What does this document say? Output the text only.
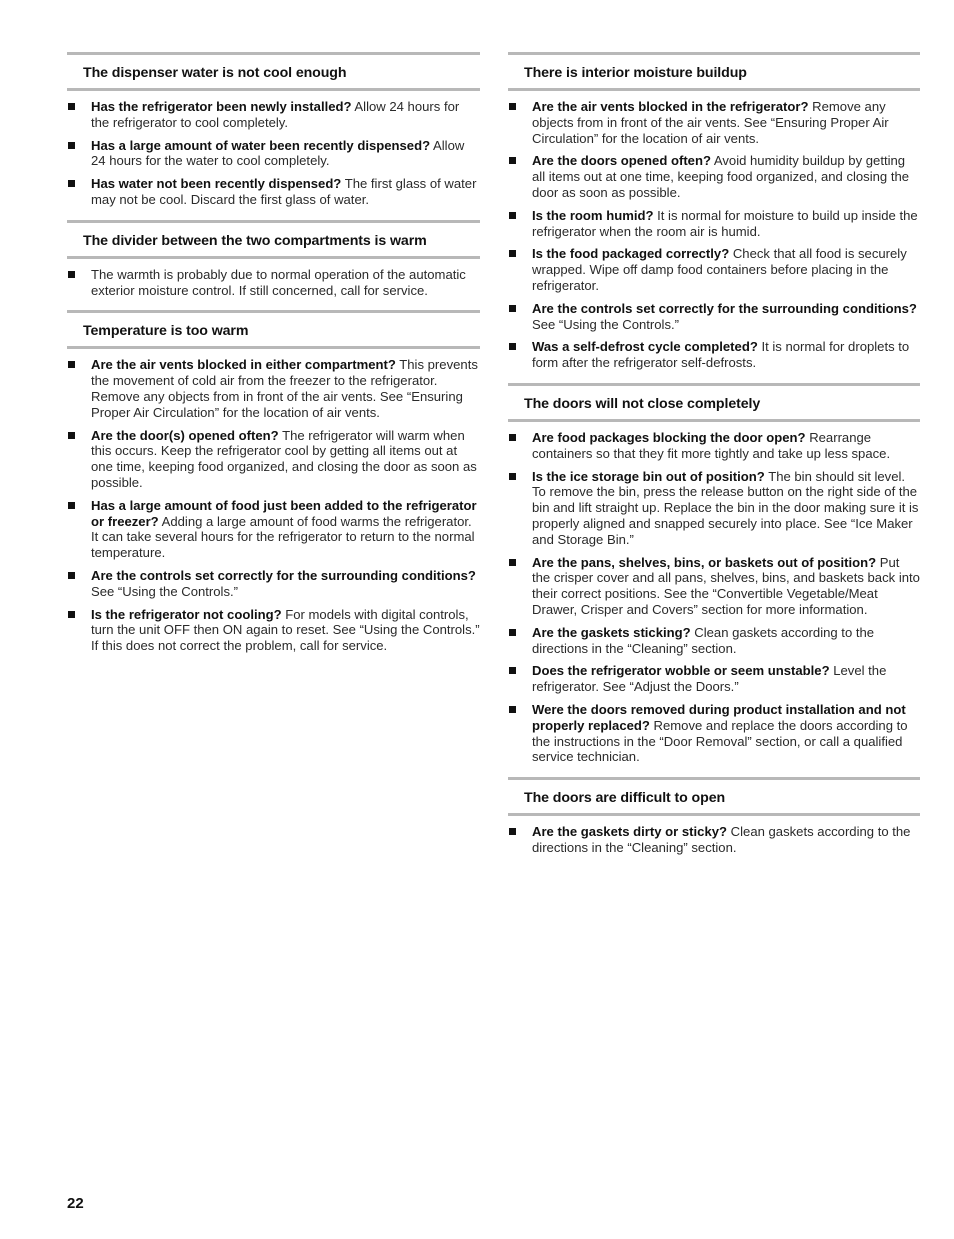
The dispenser water is not cool enough
Has the refrigerator been newly installed? Allow 24 hours for the refrigerator to cool completely.
Has a large amount of water been recently dispensed? Allow 24 hours for the water to cool completely.
Has water not been recently dispensed? The first glass of water may not be cool. Discard the first glass of water.
The divider between the two compartments is warm
The warmth is probably due to normal operation of the automatic exterior moisture control. If still concerned, call for service.
Temperature is too warm
Are the air vents blocked in either compartment? This prevents the movement of cold air from the freezer to the refrigerator. Remove any objects from in front of the air vents. See “Ensuring Proper Air Circulation” for the location of air vents.
Are the door(s) opened often? The refrigerator will warm when this occurs. Keep the refrigerator cool by getting all items out at one time, keeping food organized, and closing the door as soon as possible.
Has a large amount of food just been added to the refrigerator or freezer? Adding a large amount of food warms the refrigerator. It can take several hours for the refrigerator to return to the normal temperature.
Are the controls set correctly for the surrounding conditions? See “Using the Controls.”
Is the refrigerator not cooling? For models with digital controls, turn the unit OFF then ON again to reset. See “Using the Controls.” If this does not correct the problem, call for service.
There is interior moisture buildup
Are the air vents blocked in the refrigerator? Remove any objects from in front of the air vents. See “Ensuring Proper Air Circulation” for the location of air vents.
Are the doors opened often? Avoid humidity buildup by getting all items out at one time, keeping food organized, and closing the door as soon as possible.
Is the room humid? It is normal for moisture to build up inside the refrigerator when the room air is humid.
Is the food packaged correctly? Check that all food is securely wrapped. Wipe off damp food containers before placing in the refrigerator.
Are the controls set correctly for the surrounding conditions? See “Using the Controls.”
Was a self-defrost cycle completed? It is normal for droplets to form after the refrigerator self-defrosts.
The doors will not close completely
Are food packages blocking the door open? Rearrange containers so that they fit more tightly and take up less space.
Is the ice storage bin out of position? The bin should sit level. To remove the bin, press the release button on the right side of the bin and lift straight up. Replace the bin in the door making sure it is properly aligned and snapped securely into place. See “Ice Maker and Storage Bin.”
Are the pans, shelves, bins, or baskets out of position? Put the crisper cover and all pans, shelves, bins, and baskets back into their correct positions. See the “Convertible Vegetable/Meat Drawer, Crisper and Covers” section for more information.
Are the gaskets sticking? Clean gaskets according to the directions in the “Cleaning” section.
Does the refrigerator wobble or seem unstable? Level the refrigerator. See “Adjust the Doors.”
Were the doors removed during product installation and not properly replaced? Remove and replace the doors according to the instructions in the “Door Removal” section, or call a qualified service technician.
The doors are difficult to open
Are the gaskets dirty or sticky? Clean gaskets according to the directions in the “Cleaning” section.
22
